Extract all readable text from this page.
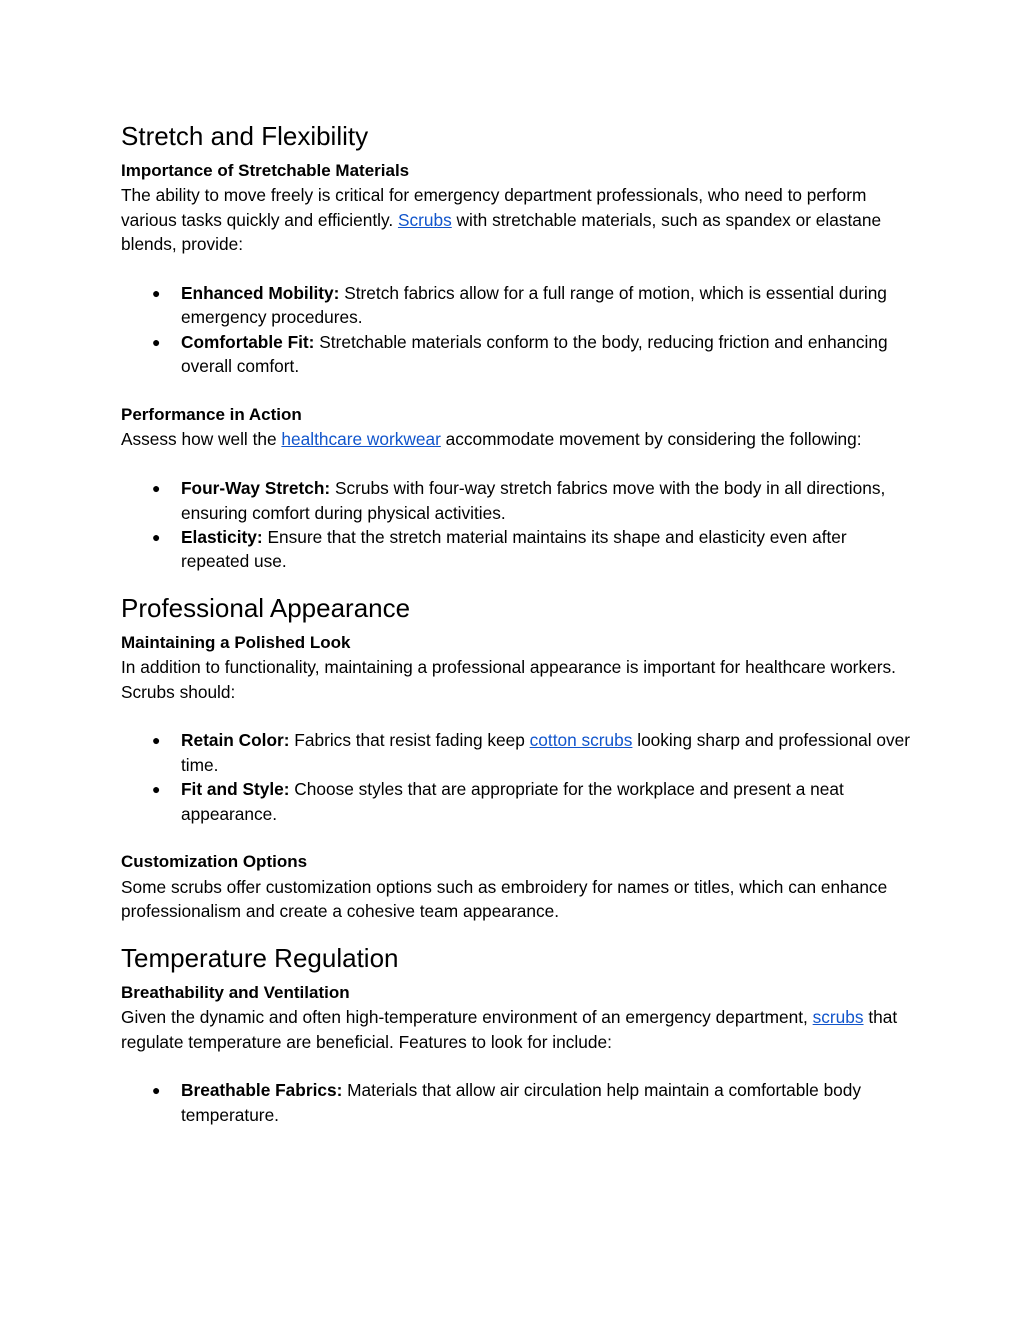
Stretch and Flexibility

Importance of Stretchable Materials

The ability to move freely is critical for emergency department professionals, who need to perform various tasks quickly and efficiently. Scrubs with stretchable materials, such as spandex or elastane blends, provide:

● Enhanced Mobility: Stretch fabrics allow for a full range of motion, which is essential during emergency procedures.
● Comfortable Fit: Stretchable materials conform to the body, reducing friction and enhancing overall comfort.

Performance in Action

Assess how well the healthcare workwear accommodate movement by considering the following:

● Four-Way Stretch: Scrubs with four-way stretch fabrics move with the body in all directions, ensuring comfort during physical activities.
● Elasticity: Ensure that the stretch material maintains its shape and elasticity even after repeated use.
Professional Appearance

Maintaining a Polished Look

In addition to functionality, maintaining a professional appearance is important for healthcare workers. Scrubs should:

● Retain Color: Fabrics that resist fading keep cotton scrubs looking sharp and professional over time.
● Fit and Style: Choose styles that are appropriate for the workplace and present a neat appearance.

Customization Options

Some scrubs offer customization options such as embroidery for names or titles, which can enhance professionalism and create a cohesive team appearance.

Temperature Regulation

Breathability and Ventilation

Given the dynamic and often high-temperature environment of an emergency department, scrubs that regulate temperature are beneficial. Features to look for include:

● Breathable Fabrics: Materials that allow air circulation help maintain a comfortable body temperature.
